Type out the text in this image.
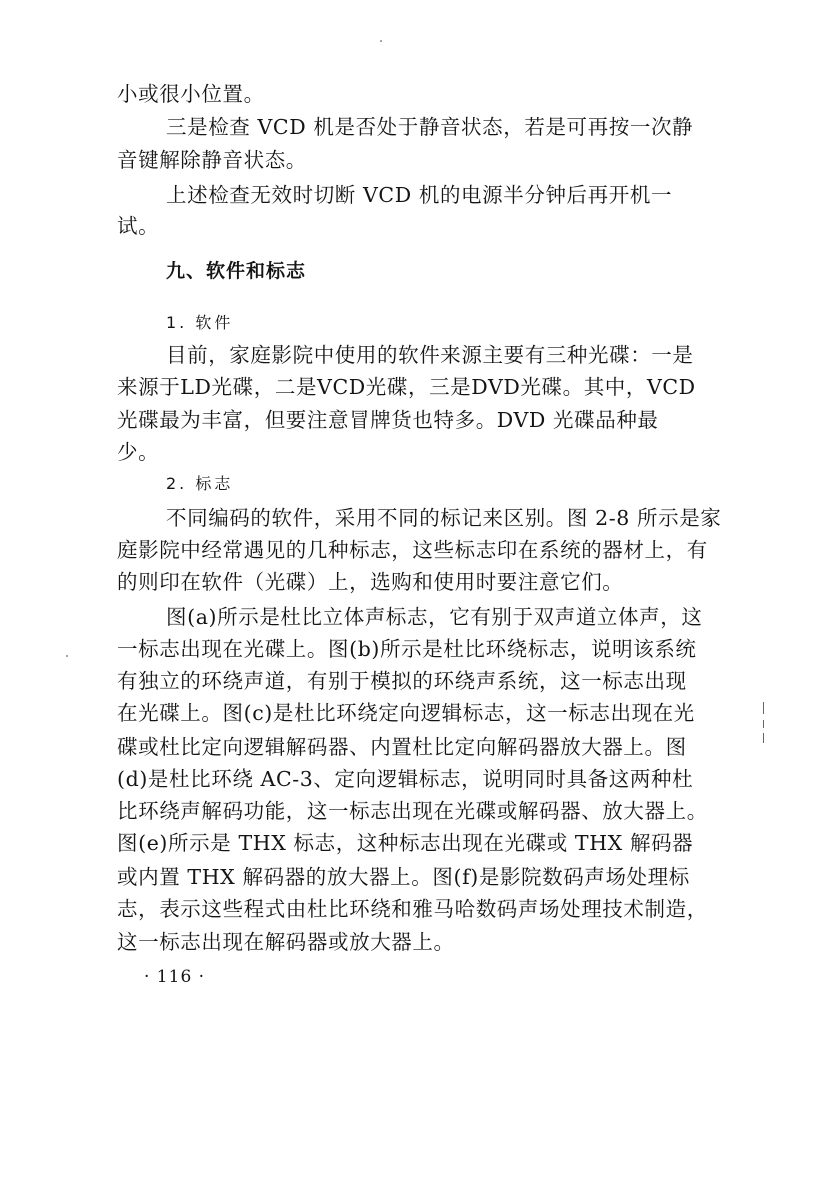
小或很小位置。
三是检查 VCD 机是否处于静音状态，若是可再按一次静
音键解除静音状态。
上述检查无效时切断 VCD 机的电源半分钟后再开机一
试。
九、软件和标志
1. 软件
目前，家庭影院中使用的软件来源主要有三种光碟：一是
来源于LD光碟，二是VCD光碟，三是DVD光碟。其中，VCD
光碟最为丰富，但要注意冒牌货也特多。DVD 光碟品种最
少。
2. 标志
不同编码的软件，采用不同的标记来区别。图 2-8 所示是家
庭影院中经常遇见的几种标志，这些标志印在系统的器材上，有
的则印在软件（光碟）上，选购和使用时要注意它们。
图(a)所示是杜比立体声标志，它有别于双声道立体声，这
一标志出现在光碟上。图(b)所示是杜比环绕标志，说明该系统
有独立的环绕声道，有别于模拟的环绕声系统，这一标志出现
在光碟上。图(c)是杜比环绕定向逻辑标志，这一标志出现在光
碟或杜比定向逻辑解码器、内置杜比定向解码器放大器上。图
(d)是杜比环绕 AC-3、定向逻辑标志，说明同时具备这两种杜
比环绕声解码功能，这一标志出现在光碟或解码器、放大器上。
图(e)所示是 THX 标志，这种标志出现在光碟或 THX 解码器
或内置 THX 解码器的放大器上。图(f)是影院数码声场处理标
志，表示这些程式由杜比环绕和雅马哈数码声场处理技术制造，
这一标志出现在解码器或放大器上。
· 116 ·
